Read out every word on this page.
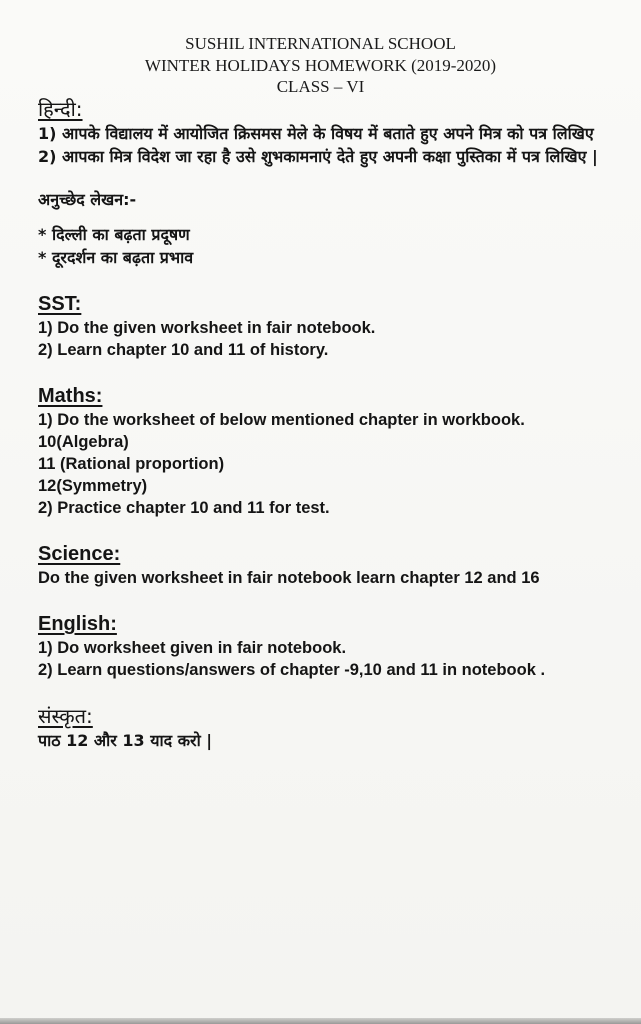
SUSHIL INTERNATIONAL SCHOOL
WINTER HOLIDAYS HOMEWORK (2019-2020)
CLASS – VI
हिन्दी:
1) आपके विद्यालय में आयोजित क्रिसमस मेले के विषय में बताते हुए अपने मित्र को पत्र लिखिए
2) आपका मित्र विदेश जा रहा है उसे शुभकामनाएं देते हुए अपनी कक्षा पुस्तिका में पत्र लिखिए |
अनुच्छेद लेखन:-
* दिल्ली का बढ़ता प्रदूषण
* दूरदर्शन का बढ़ता प्रभाव
SST:
1) Do the given worksheet in fair notebook.
2) Learn chapter 10 and 11 of history.
Maths:
1) Do the worksheet of below mentioned chapter in workbook.
10(Algebra)
11 (Rational proportion)
12(Symmetry)
2) Practice chapter 10 and 11 for test.
Science:
Do the given worksheet in fair notebook learn chapter 12 and 16
English:
1) Do worksheet given in fair notebook.
2) Learn questions/answers of chapter -9,10 and 11 in notebook .
संस्कृत:
पाठ 12 और 13 याद करो |
